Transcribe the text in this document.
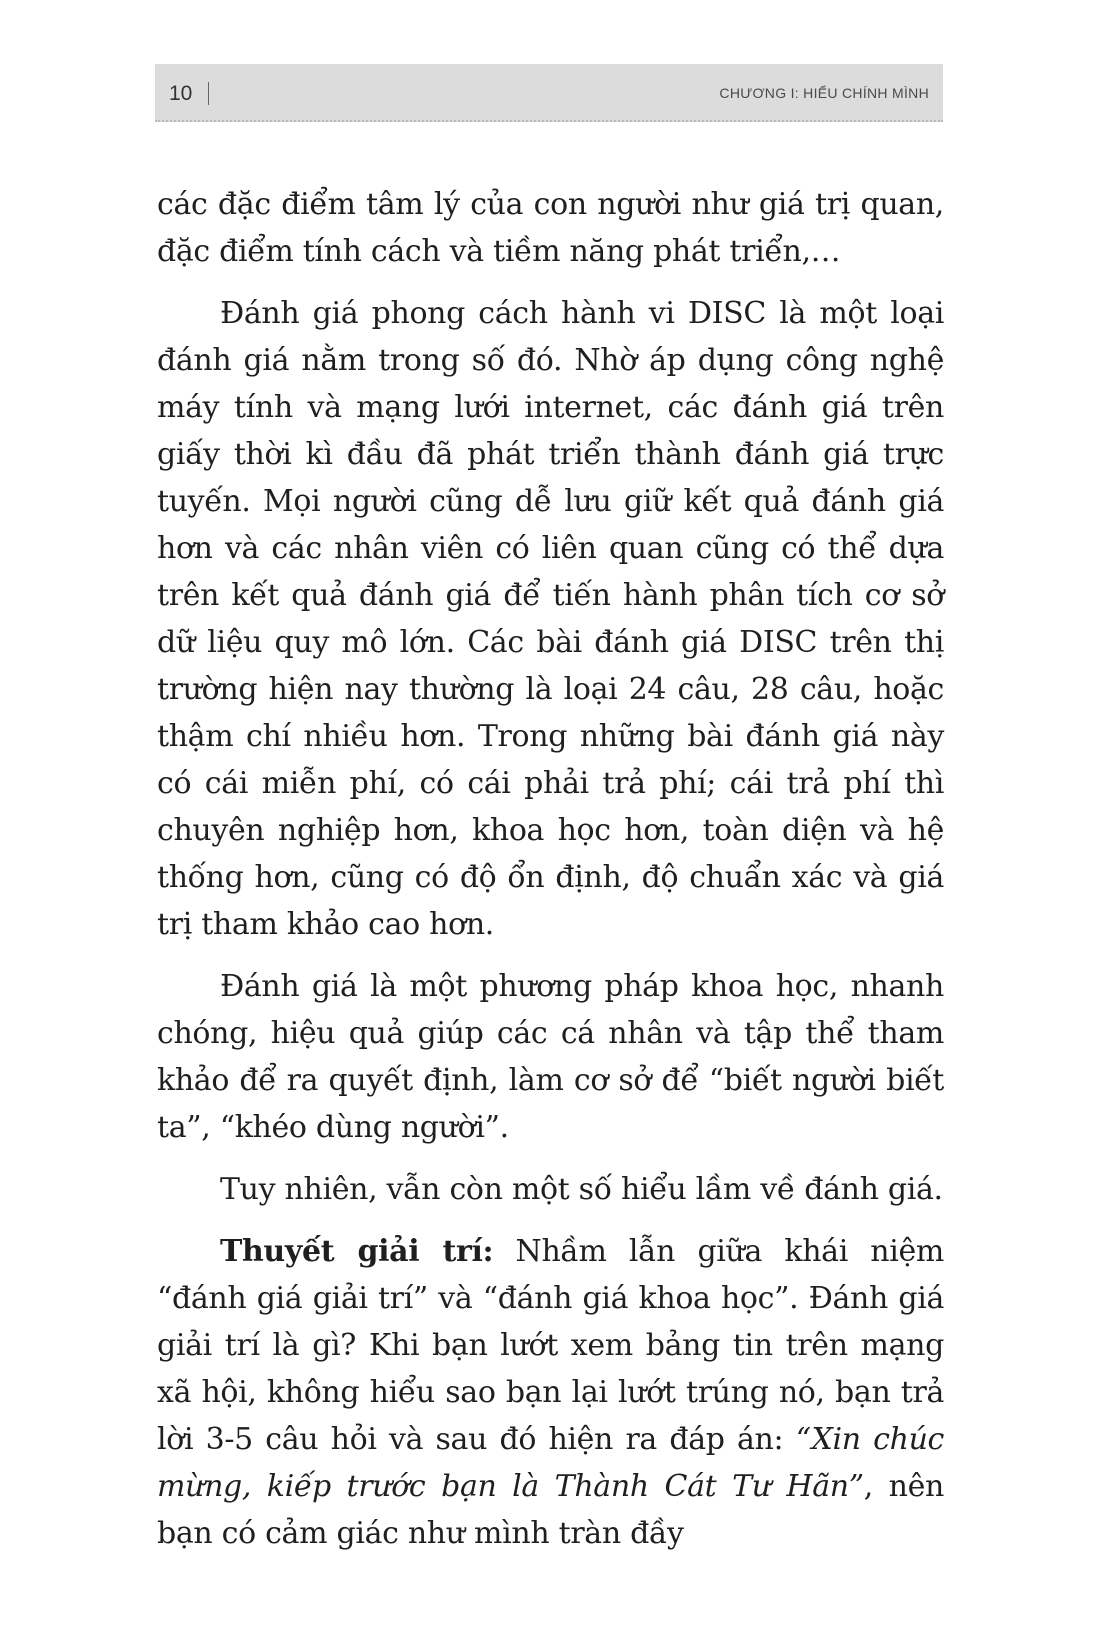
10	CHƯƠNG I: HIỂU CHÍNH MÌNH

các đặc điểm tâm lý của con người như giá trị quan, đặc điểm tính cách và tiềm năng phát triển,…

Đánh giá phong cách hành vi DISC là một loại đánh giá nằm trong số đó. Nhờ áp dụng công nghệ máy tính và mạng lưới internet, các đánh giá trên giấy thời kì đầu đã phát triển thành đánh giá trực tuyến. Mọi người cũng dễ lưu giữ kết quả đánh giá hơn và các nhân viên có liên quan cũng có thể dựa trên kết quả đánh giá để tiến hành phân tích cơ sở dữ liệu quy mô lớn. Các bài đánh giá DISC trên thị trường hiện nay thường là loại 24 câu, 28 câu, hoặc thậm chí nhiều hơn. Trong những bài đánh giá này có cái miễn phí, có cái phải trả phí; cái trả phí thì chuyên nghiệp hơn, khoa học hơn, toàn diện và hệ thống hơn, cũng có độ ổn định, độ chuẩn xác và giá trị tham khảo cao hơn.

Đánh giá là một phương pháp khoa học, nhanh chóng, hiệu quả giúp các cá nhân và tập thể tham khảo để ra quyết định, làm cơ sở để “biết người biết ta”, “khéo dùng người”.

Tuy nhiên, vẫn còn một số hiểu lầm về đánh giá.

Thuyết giải trí: Nhầm lẫn giữa khái niệm “đánh giá giải trí” và “đánh giá khoa học”. Đánh giá giải trí là gì? Khi bạn lướt xem bảng tin trên mạng xã hội, không hiểu sao bạn lại lướt trúng nó, bạn trả lời 3-5 câu hỏi và sau đó hiện ra đáp án: “Xin chúc mừng, kiếp trước bạn là Thành Cát Tư Hãn”, nên bạn có cảm giác như mình tràn đầy
